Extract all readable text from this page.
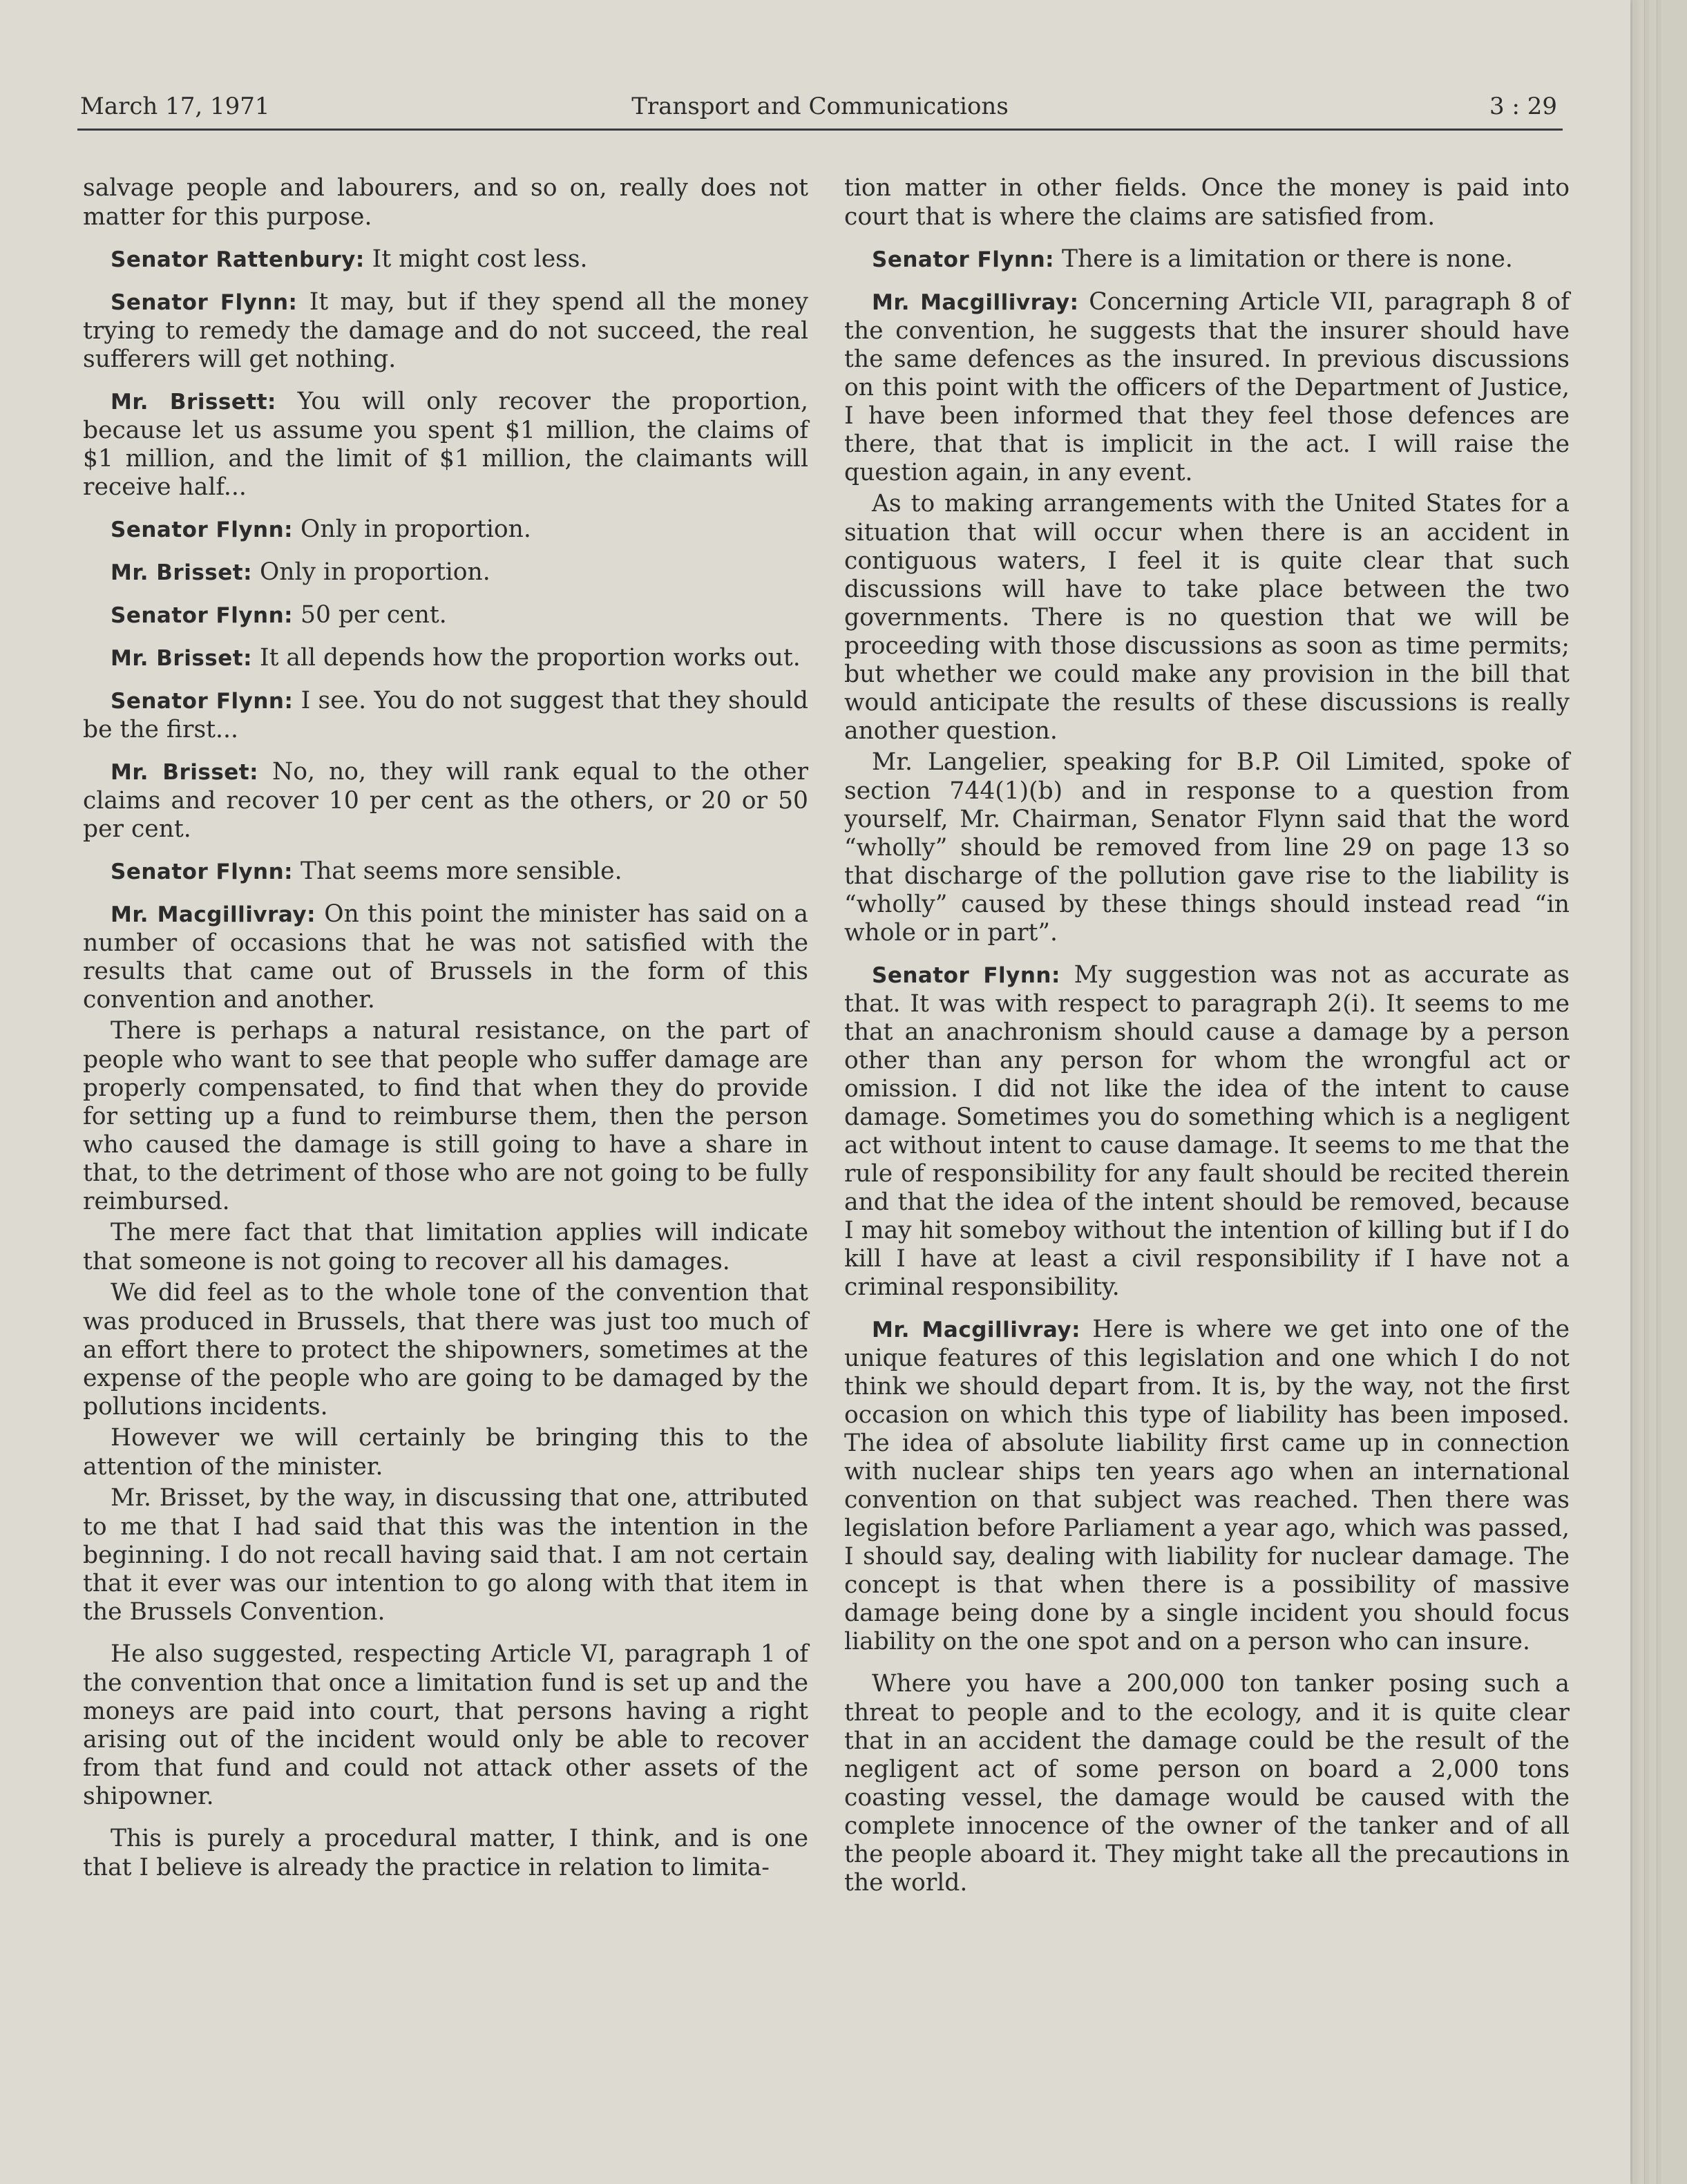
March 17, 1971	Transport and Communications	3 : 29

salvage people and labourers, and so on, really does not matter for this purpose.

Senator Rattenbury: It might cost less.

Senator Flynn: It may, but if they spend all the money trying to remedy the damage and do not succeed, the real sufferers will get nothing.

Mr. Brissett: You will only recover the proportion, because let us assume you spent $1 million, the claims of $1 million, and the limit of $1 million, the claimants will receive half...

Senator Flynn: Only in proportion.

Mr. Brisset: Only in proportion.

Senator Flynn: 50 per cent.

Mr. Brisset: It all depends how the proportion works out.

Senator Flynn: I see. You do not suggest that they should be the first...

Mr. Brisset: No, no, they will rank equal to the other claims and recover 10 per cent as the others, or 20 or 50 per cent.

Senator Flynn: That seems more sensible.

Mr. Macgillivray: On this point the minister has said on a number of occasions that he was not satisfied with the results that came out of Brussels in the form of this convention and another.

There is perhaps a natural resistance, on the part of people who want to see that people who suffer damage are properly compensated, to find that when they do provide for setting up a fund to reimburse them, then the person who caused the damage is still going to have a share in that, to the detriment of those who are not going to be fully reimbursed.

The mere fact that that limitation applies will indicate that someone is not going to recover all his damages.

We did feel as to the whole tone of the convention that was produced in Brussels, that there was just too much of an effort there to protect the shipowners, sometimes at the expense of the people who are going to be damaged by the pollutions incidents.

However we will certainly be bringing this to the attention of the minister.

Mr. Brisset, by the way, in discussing that one, attributed to me that I had said that this was the intention in the beginning. I do not recall having said that. I am not certain that it ever was our intention to go along with that item in the Brussels Convention.

He also suggested, respecting Article VI, paragraph 1 of the convention that once a limitation fund is set up and the moneys are paid into court, that persons having a right arising out of the incident would only be able to recover from that fund and could not attack other assets of the shipowner.

This is purely a procedural matter, I think, and is one that I believe is already the practice in relation to limita-

tion matter in other fields. Once the money is paid into court that is where the claims are satisfied from.

Senator Flynn: There is a limitation or there is none.

Mr. Macgillivray: Concerning Article VII, paragraph 8 of the convention, he suggests that the insurer should have the same defences as the insured. In previous discussions on this point with the officers of the Department of Justice, I have been informed that they feel those defences are there, that that is implicit in the act. I will raise the question again, in any event.

As to making arrangements with the United States for a situation that will occur when there is an accident in contiguous waters, I feel it is quite clear that such discussions will have to take place between the two governments. There is no question that we will be proceeding with those discussions as soon as time permits; but whether we could make any provision in the bill that would anticipate the results of these discussions is really another question.

Mr. Langelier, speaking for B.P. Oil Limited, spoke of section 744(1)(b) and in response to a question from yourself, Mr. Chairman, Senator Flynn said that the word “wholly” should be removed from line 29 on page 13 so that discharge of the pollution gave rise to the liability is “wholly” caused by these things should instead read “in whole or in part”.

Senator Flynn: My suggestion was not as accurate as that. It was with respect to paragraph 2(i). It seems to me that an anachronism should cause a damage by a person other than any person for whom the wrongful act or omission. I did not like the idea of the intent to cause damage. Sometimes you do something which is a negligent act without intent to cause damage. It seems to me that the rule of responsibility for any fault should be recited therein and that the idea of the intent should be removed, because I may hit someboy without the intention of killing but if I do kill I have at least a civil responsibility if I have not a criminal responsibility.

Mr. Macgillivray: Here is where we get into one of the unique features of this legislation and one which I do not think we should depart from. It is, by the way, not the first occasion on which this type of liability has been imposed. The idea of absolute liability first came up in connection with nuclear ships ten years ago when an international convention on that subject was reached. Then there was legislation before Parliament a year ago, which was passed, I should say, dealing with liability for nuclear damage. The concept is that when there is a possibility of massive damage being done by a single incident you should focus liability on the one spot and on a person who can insure.

Where you have a 200,000 ton tanker posing such a threat to people and to the ecology, and it is quite clear that in an accident the damage could be the result of the negligent act of some person on board a 2,000 tons coasting vessel, the damage would be caused with the complete innocence of the owner of the tanker and of all the people aboard it. They might take all the precautions in the world.
